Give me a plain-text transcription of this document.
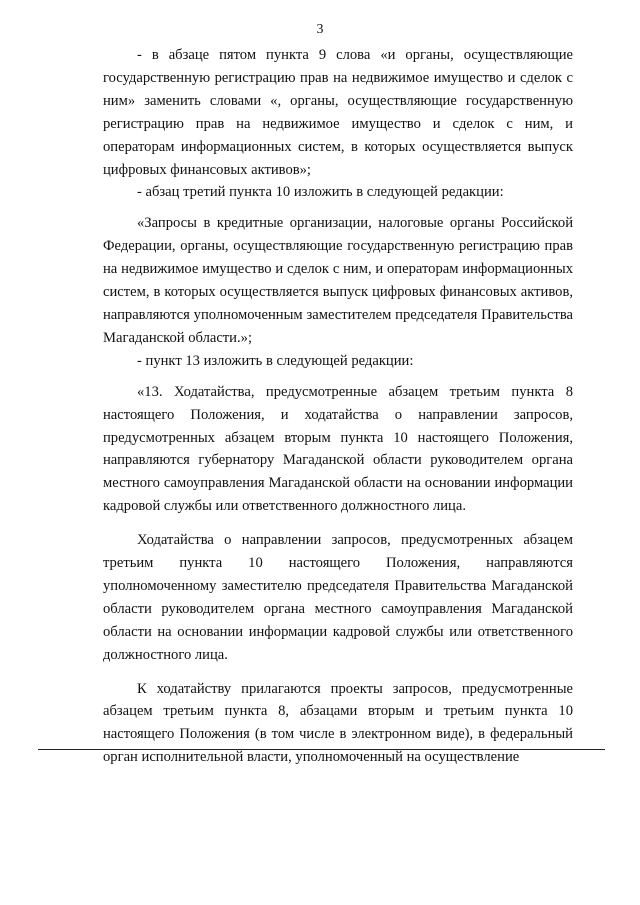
3

- в абзаце пятом пункта 9 слова «и органы, осуществляющие государственную регистрацию прав на недвижимое имущество и сделок с ним» заменить словами «, органы, осуществляющие государственную регистрацию прав на недвижимое имущество и сделок с ним, и операторам информационных систем, в которых осуществляется выпуск цифровых финансовых активов»;

- абзац третий пункта 10 изложить в следующей редакции:

«Запросы в кредитные организации, налоговые органы Российской Федерации, органы, осуществляющие государственную регистрацию прав на недвижимое имущество и сделок с ним, и операторам информационных систем, в которых осуществляется выпуск цифровых финансовых активов, направляются уполномоченным заместителем председателя Правительства Магаданской области.»;

- пункт 13 изложить в следующей редакции:

«13. Ходатайства, предусмотренные абзацем третьим пункта 8 настоящего Положения, и ходатайства о направлении запросов, предусмотренных абзацем вторым пункта 10 настоящего Положения, направляются губернатору Магаданской области руководителем органа местного самоуправления Магаданской области на основании информации кадровой службы или ответственного должностного лица.

Ходатайства о направлении запросов, предусмотренных абзацем третьим пункта 10 настоящего Положения, направляются уполномоченному заместителю председателя Правительства Магаданской области руководителем органа местного самоуправления Магаданской области на основании информации кадровой службы или ответственного должностного лица.

К ходатайству прилагаются проекты запросов, предусмотренные абзацем третьим пункта 8, абзацами вторым и третьим пункта 10 настоящего Положения (в том числе в электронном виде), в федеральный орган исполнительной власти, уполномоченный на осуществление
